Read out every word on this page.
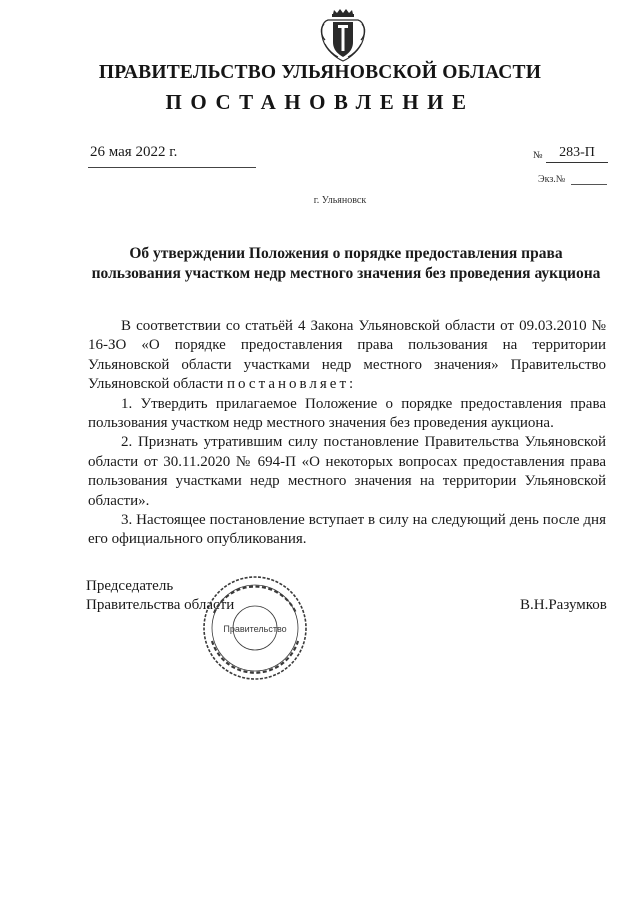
ПРАВИТЕЛЬСТВО УЛЬЯНОВСКОЙ ОБЛАСТИ
ПОСТАНОВЛЕНИЕ
26 мая 2022 г.	№	283-П
Экз.№
г. Ульяновск
Об утверждении Положения о порядке предоставления права
пользования участком недр местного значения без проведения аукциона

В соответствии со статьёй 4 Закона Ульяновской области от 09.03.2010 № 16-ЗО «О порядке предоставления права пользования на территории Ульяновской области участками недр местного значения» Правительство Ульяновской области постановляет:

1. Утвердить прилагаемое Положение о порядке предоставления права пользования участком недр местного значения без проведения аукциона.

2. Признать утратившим силу постановление Правительства Ульяновской области от 30.11.2020 № 694-П «О некоторых вопросах предоставления права пользования участками недр местного значения на территории Ульяновской области».

3. Настоящее постановление вступает в силу на следующий день после дня его официального опубликования.

Председатель
Правительства области	В.Н.Разумков
Правительство
